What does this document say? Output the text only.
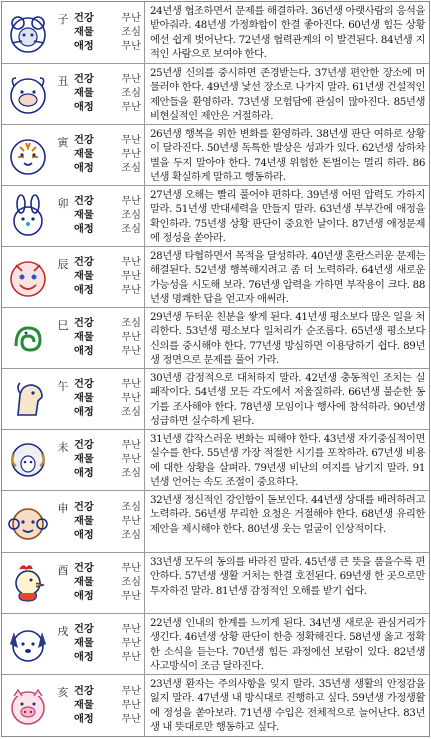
子 건강	무난
재물	조심
애정	무난
24년생 협조하면서 문제를 해결하라. 36년생 아랫사람의 응석을 받아줘라. 48년생 가정화합이 한결 좋아진다. 60년생 힘든 상황에선 쉽게 벗어난다. 72년생 협력관계의 이 발견된다. 84년생 지적인 사람으로 보여야 한다.
丑 건강	무난
재물	조심
애정	무난
25년생 신의를 중시하면 존경받는다. 37년생 편안한 장소에 머물러야 한다. 49년생 낯선 장소로 나가지 말라. 61년생 건설적인 제안들을 환영하라. 73년생 모험담에 관심이 많아진다. 85년생 비현실적인 제안은 거절하라.
寅 건강	무난
재물	무난
애정	조심
26년생 행복을 위한 변화를 환영하라. 38년생 판단 여하로 상황이 달라진다. 50년생 독특한 발상은 성과가 있다. 62년생 상하차별을 두지 말아야 한다. 74년생 위험한 돈벌이는 멀리 하라. 86년생 확실하게 말하고 행동하라.
卯 건강	무난
재물	조심
애정	조심
27년생 오해는 빨리 풀어야 편하다. 39년생 어떤 압력도 가하지 말라. 51년생 반대세력을 만들지 말라. 63년생 부부간에 애정을 확인하라. 75년생 상황 판단이 중요한 날이다. 87년생 애정문제에 정성을 쏟아라.
辰 건강	무난
재물	무난
애정	무난
28년생 타협하면서 목적을 달성하라. 40년생 혼란스러운 문제는 해결된다. 52년생 행복해지려고 좀 더 노력하라. 64년생 새로운 가능성을 시도해 보라. 76년생 압력을 가하면 부작용이 크다. 88년생 명쾌한 답을 얻고자 애써라.
巳 건강	조심
재물	무난
애정	무난
29년생 두터운 친분을 쌓게 된다. 41년생 평소보다 많은 일을 처리한다. 53년생 평소보다 일처리가 순조롭다. 65년생 평소보다 신의를 중시해야 한다. 77년생 방심하면 이용당하기 쉽다. 89년생 정면으로 문제를 풀어 가라.
午 건강	무난
재물	무난
애정	조심
30년생 감정적으로 대처하지 말라. 42년생 충동적인 조치는 실패작이다. 54년생 모든 각도에서 저울질하라. 66년생 불순한 동기를 조사해야 한다. 78년생 모임이나 행사에 참석하라. 90년생 성급하면 실수하게 된다.
未 건강	무난
재물	무난
애정	조심
31년생 갑작스러운 변화는 피해야 한다. 43년생 자기중심적이면 실수를 한다. 55년생 가장 적절한 시기를 포착하라. 67년생 비용에 대한 상황을 살펴라. 79년생 비난의 여지를 남기지 말라. 91년생 언어는 속도 조절이 중요하다.
申 건강	조심
재물	무난
애정	조심
32년생 정신적인 강인함이 돋보인다. 44년생 상대를 배려하려고 노력하라. 56년생 무리한 요청은 거절해야 한다. 68년생 유리한 제안을 제시해야 한다. 80년생 웃는 얼굴이 인상적이다.
酉 건강	무난
재물	조심
애정	무난
33년생 모두의 동의를 바라진 말라. 45년생 큰 뜻을 품을수록 편안하다. 57년생 생활 거처는 한결 호전된다. 69년생 한 곳으로만 투자하진 말라. 81년생 감정적인 오해를 받기 쉽다.
戌 건강	무난
재물	무난
애정	무난
22년생 인내의 한계를 느끼게 된다. 34년생 새로운 관심거리가 생긴다. 46년생 상황 판단이 한층 정확해진다. 58년생 옳고 정확한 소식을 듣는다. 70년생 힘든 과정에선 보람이 있다. 82년생 사고방식이 조금 달라진다.
亥 건강	무난
재물	무난
애정	무난
23년생 환자는 주의사항을 잊지 말라. 35년생 생활의 안정감을 잃지 말라. 47년생 내 방식대로 진행하고 싶다. 59년생 가정생활에 정성을 쏟아보라. 71년생 수입은 전체적으로 늘어난다. 83년생 내 뜻대로만 행동하고 싶다.
